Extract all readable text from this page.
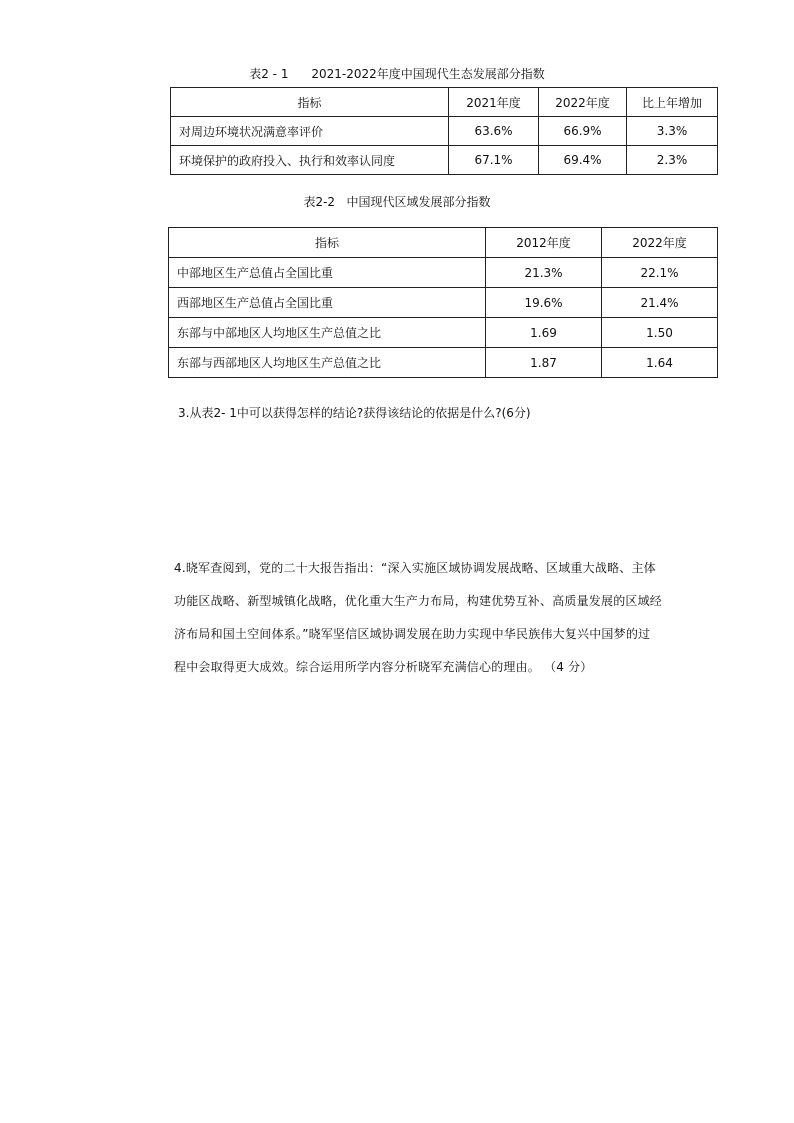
表2 - 1      2021-2022年度中国现代生态发展部分指数
指标	2021年度	2022年度	比上年增加
对周边环境状况满意率评价	63.6%	66.9%	3.3%
环境保护的政府投入、执行和效率认同度	67.1%	69.4%	2.3%
表2-2   中国现代区域发展部分指数
指标	2012年度	2022年度
中部地区生产总值占全国比重	21.3%	22.1%
西部地区生产总值占全国比重	19.6%	21.4%
东部与中部地区人均地区生产总值之比	1.69	1.50
东部与西部地区人均地区生产总值之比	1.87	1.64
3.从表2- 1中可以获得怎样的结论?获得该结论的依据是什么?(6分)
4.晓军查阅到，党的二十大报告指出：“深入实施区域协调发展战略、区域重大战略、主体
功能区战略、新型城镇化战略，优化重大生产力布局，构建优势互补、高质量发展的区域经
济布局和国土空间体系。”晓军坚信区域协调发展在助力实现中华民族伟大复兴中国梦的过
程中会取得更大成效。综合运用所学内容分析晓军充满信心的理由。 （4 分）
